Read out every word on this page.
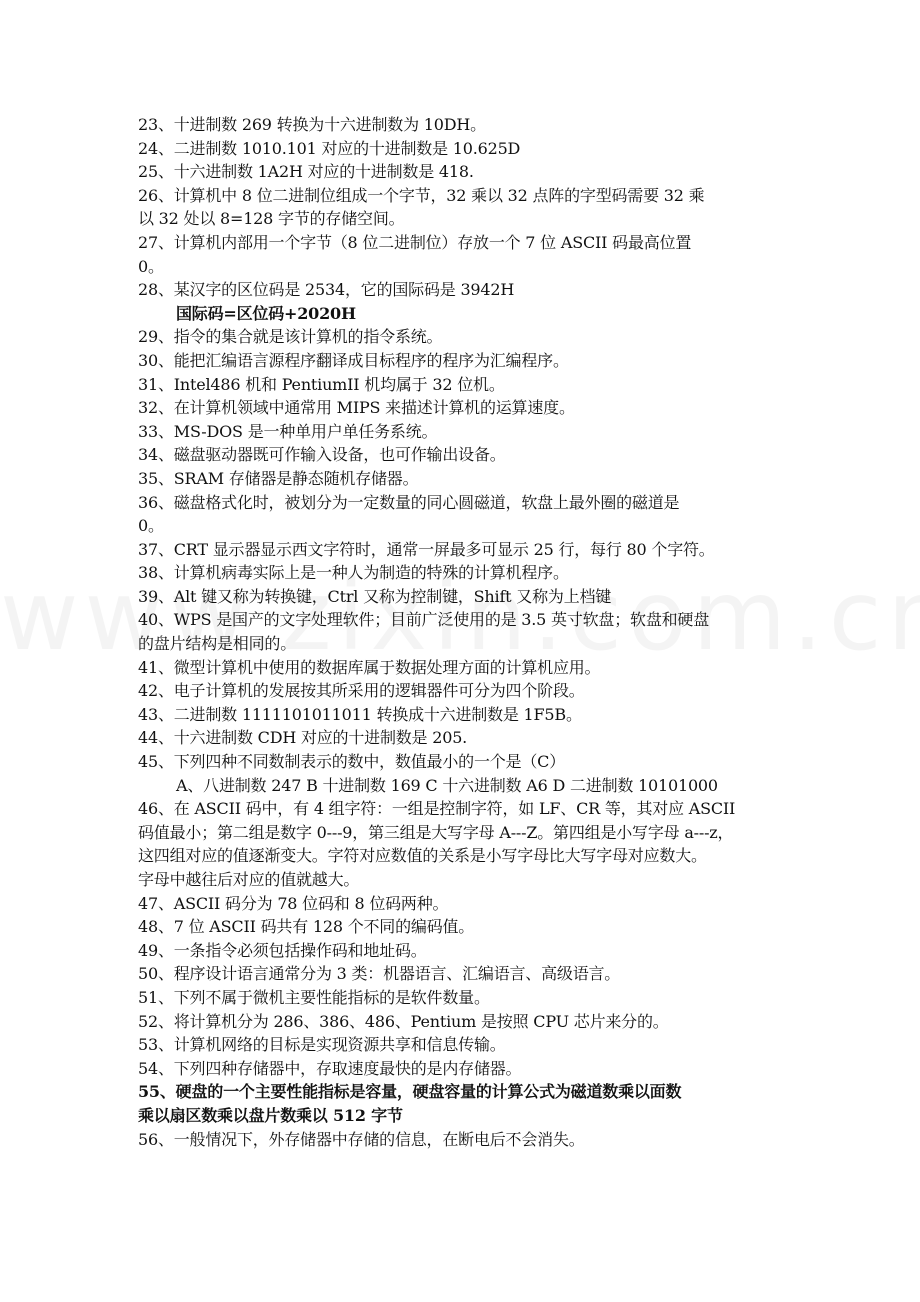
23、十进制数 269 转换为十六进制数为 10DH。
24、二进制数 1010.101 对应的十进制数是 10.625D
25、十六进制数 1A2H 对应的十进制数是 418.
26、计算机中 8 位二进制位组成一个字节，32 乘以 32 点阵的字型码需要 32 乘
以 32 处以 8=128 字节的存储空间。
27、计算机内部用一个字节（8 位二进制位）存放一个 7 位 ASCII 码最高位置
0。
28、某汉字的区位码是 2534，它的国际码是 3942H
国际码=区位码+2020H
29、指令的集合就是该计算机的指令系统。
30、能把汇编语言源程序翻译成目标程序的程序为汇编程序。
31、Intel486 机和 PentiumII 机均属于 32 位机。
32、在计算机领域中通常用 MIPS 来描述计算机的运算速度。
33、MS-DOS 是一种单用户单任务系统。
34、磁盘驱动器既可作输入设备，也可作输出设备。
35、SRAM 存储器是静态随机存储器。
36、磁盘格式化时，被划分为一定数量的同心圆磁道，软盘上最外圈的磁道是
0。
37、CRT 显示器显示西文字符时，通常一屏最多可显示 25 行，每行 80 个字符。
38、计算机病毒实际上是一种人为制造的特殊的计算机程序。
39、Alt 键又称为转换键，Ctrl 又称为控制键，Shift 又称为上档键
40、WPS 是国产的文字处理软件；目前广泛使用的是 3.5 英寸软盘；软盘和硬盘
的盘片结构是相同的。
41、微型计算机中使用的数据库属于数据处理方面的计算机应用。
42、电子计算机的发展按其所采用的逻辑器件可分为四个阶段。
43、二进制数 1111101011011 转换成十六进制数是 1F5B。
44、十六进制数 CDH 对应的十进制数是 205.
45、下列四种不同数制表示的数中，数值最小的一个是（C）
A、八进制数 247 B 十进制数 169 C 十六进制数 A6 D 二进制数 10101000
46、在 ASCII 码中，有 4 组字符：一组是控制字符，如 LF、CR 等，其对应 ASCII
码值最小；第二组是数字 0---9，第三组是大写字母 A---Z。第四组是小写字母 a---z，
这四组对应的值逐渐变大。字符对应数值的关系是小写字母比大写字母对应数大。
字母中越往后对应的值就越大。
47、ASCII 码分为 78 位码和 8 位码两种。
48、7 位 ASCII 码共有 128 个不同的编码值。
49、一条指令必须包括操作码和地址码。
50、程序设计语言通常分为 3 类：机器语言、汇编语言、高级语言。
51、下列不属于微机主要性能指标的是软件数量。
52、将计算机分为 286、386、486、Pentium 是按照 CPU 芯片来分的。
53、计算机网络的目标是实现资源共享和信息传输。
54、下列四种存储器中，存取速度最快的是内存储器。
55、硬盘的一个主要性能指标是容量，硬盘容量的计算公式为磁道数乘以面数
乘以扇区数乘以盘片数乘以 512 字节
56、一般情况下，外存储器中存储的信息，在断电后不会消失。
